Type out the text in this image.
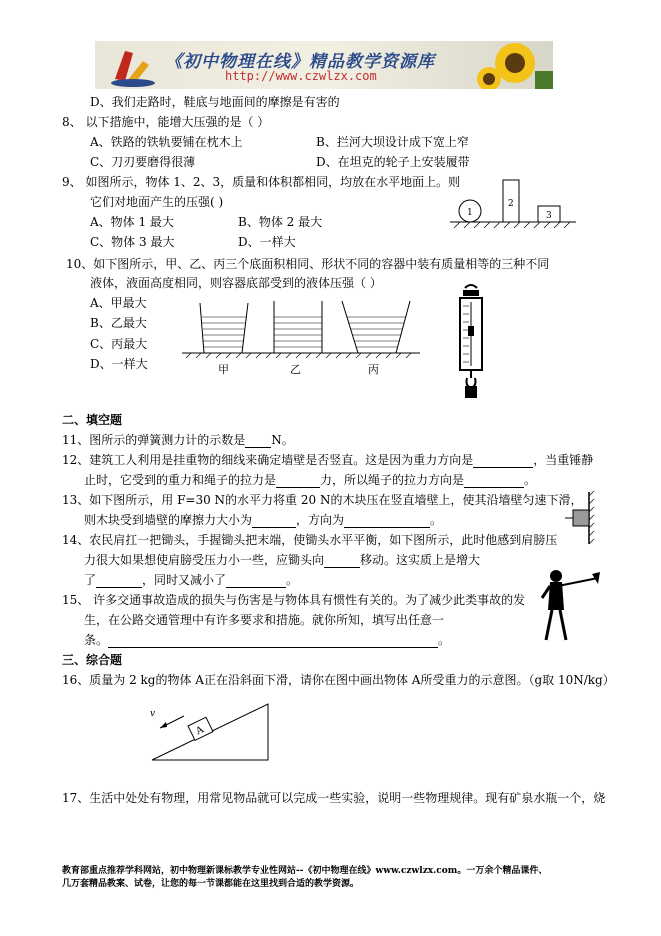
《初中物理在线》精品教学资源库
http://www.czwlzx.com
D、我们走路时，鞋底与地面间的摩擦是有害的
8、 以下措施中，能增大压强的是（ ）
A、铁路的铁轨要铺在枕木上	B、拦河大坝设计成下宽上窄
C、刀刃要磨得很薄	D、在坦克的轮子上安装履带
9、 如图所示，物体 1、2、3，质量和体积都相同，均放在水平地面上。则
它们对地面产生的压强( )
A、物体 1 最大	B、物体 2 最大
C、物体 3 最大	D、一样大
1
2
3
10、如下图所示，甲、乙、丙三个底面积相同、形状不同的容器中装有质量相等的三种不同
液体，液面高度相同，则容器底部受到的液体压强（ ）
A、甲最大
B、乙最大
C、丙最大
D、一样大	甲	乙	丙
二、填空题
11、图所示的弹簧测力计的示数是 N。
12、建筑工人利用是挂重物的细线来确定墙壁是否竖直。这是因为重力方向是	，当重锤静
止时，它受到的重力和绳子的拉力是	力，所以绳子的拉力方向是	。
13、如下图所示，用 F=30 N的水平力将重 20 N的木块压在竖直墙壁上，使其沿墙壁匀速下滑，
则木块受到墙壁的摩擦力大小为	，方向为	。
14、农民肩扛一把锄头，手握锄头把末端，使锄头水平平衡，如下图所示，此时他感到肩膀压
力很大如果想使肩膀受压力小一些，应锄头向	移动。这实质上是增大
了	，同时又减小了	。
15、 许多交通事故造成的损失与伤害是与物体具有惯性有关的。为了减少此类事故的发
生，在公路交通管理中有许多要求和措施。就你所知，填写出任意一
条。	。
三、综合题
16、质量为 2 kg的物体 A正在沿斜面下滑，请你在图中画出物体 A所受重力的示意图。（g取 10N/kg）
A
v
17、生活中处处有物理，用常见物品就可以完成一些实验，说明一些物理规律。现有矿泉水瓶一个，烧
教育部重点推荐学科网站，初中物理新课标教学专业性网站--《初中物理在线》www.czwlzx.com。一万余个精品课件、
几万套精品教案、试卷，让您的每一节课都能在这里找到合适的教学资源。
